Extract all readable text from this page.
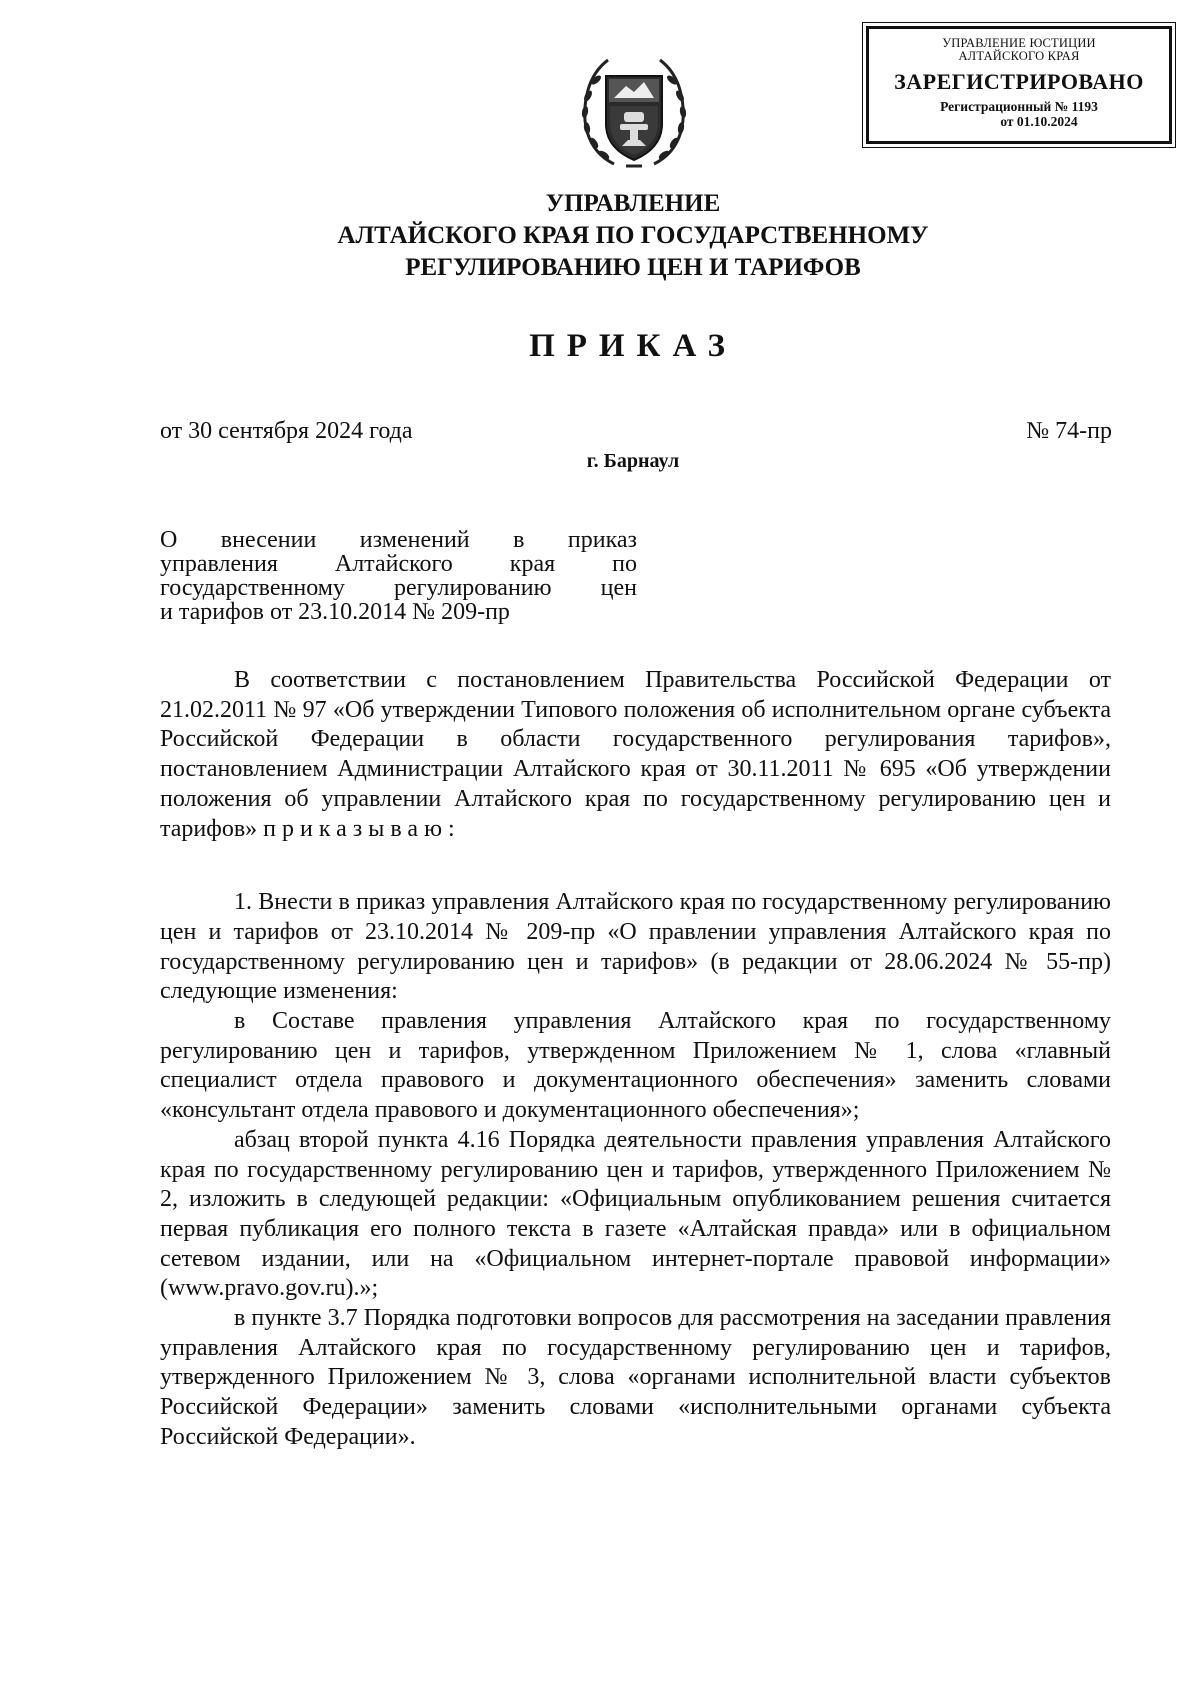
УПРАВЛЕНИЕ ЮСТИЦИИ
АЛТАЙСКОГО КРАЯ
ЗАРЕГИСТРИРОВАНО
Регистрационный № 1193
от 01.10.2024
УПРАВЛЕНИЕ
АЛТАЙСКОГО КРАЯ ПО ГОСУДАРСТВЕННОМУ
РЕГУЛИРОВАНИЮ ЦЕН И ТАРИФОВ
ПРИКАЗ
от 30 сентября 2024 года	№ 74-пр
г. Барнаул
О внесении изменений в приказ
управления Алтайского края по
государственному регулированию цен
и тарифов от 23.10.2014 № 209-пр

В соответствии с постановлением Правительства Российской Федерации от 21.02.2011 № 97 «Об утверждении Типового положения об исполнительном органе субъекта Российской Федерации в области государственного регулирования тарифов», постановлением Администрации Алтайского края от 30.11.2011 № 695 «Об утверждении положения об управлении Алтайского края по государственному регулированию цен и тарифов» приказываю:

1. Внести в приказ управления Алтайского края по государственному регулированию цен и тарифов от 23.10.2014 № 209-пр «О правлении управления Алтайского края по государственному регулированию цен и тарифов» (в редакции от 28.06.2024 № 55-пр) следующие изменения:

в Составе правления управления Алтайского края по государственному регулированию цен и тарифов, утвержденном Приложением № 1, слова «главный специалист отдела правового и документационного обеспечения» заменить словами «консультант отдела правового и документационного обеспечения»;

абзац второй пункта 4.16 Порядка деятельности правления управления Алтайского края по государственному регулированию цен и тарифов, утвержденного Приложением № 2, изложить в следующей редакции: «Официальным опубликованием решения считается первая публикация его полного текста в газете «Алтайская правда» или в официальном сетевом издании, или на «Официальном интернет-портале правовой информации» (www.pravo.gov.ru).»;

в пункте 3.7 Порядка подготовки вопросов для рассмотрения на заседании правления управления Алтайского края по государственному регулированию цен и тарифов, утвержденного Приложением № 3, слова «органами исполнительной власти субъектов Российской Федерации» заменить словами «исполнительными органами субъекта Российской Федерации».
